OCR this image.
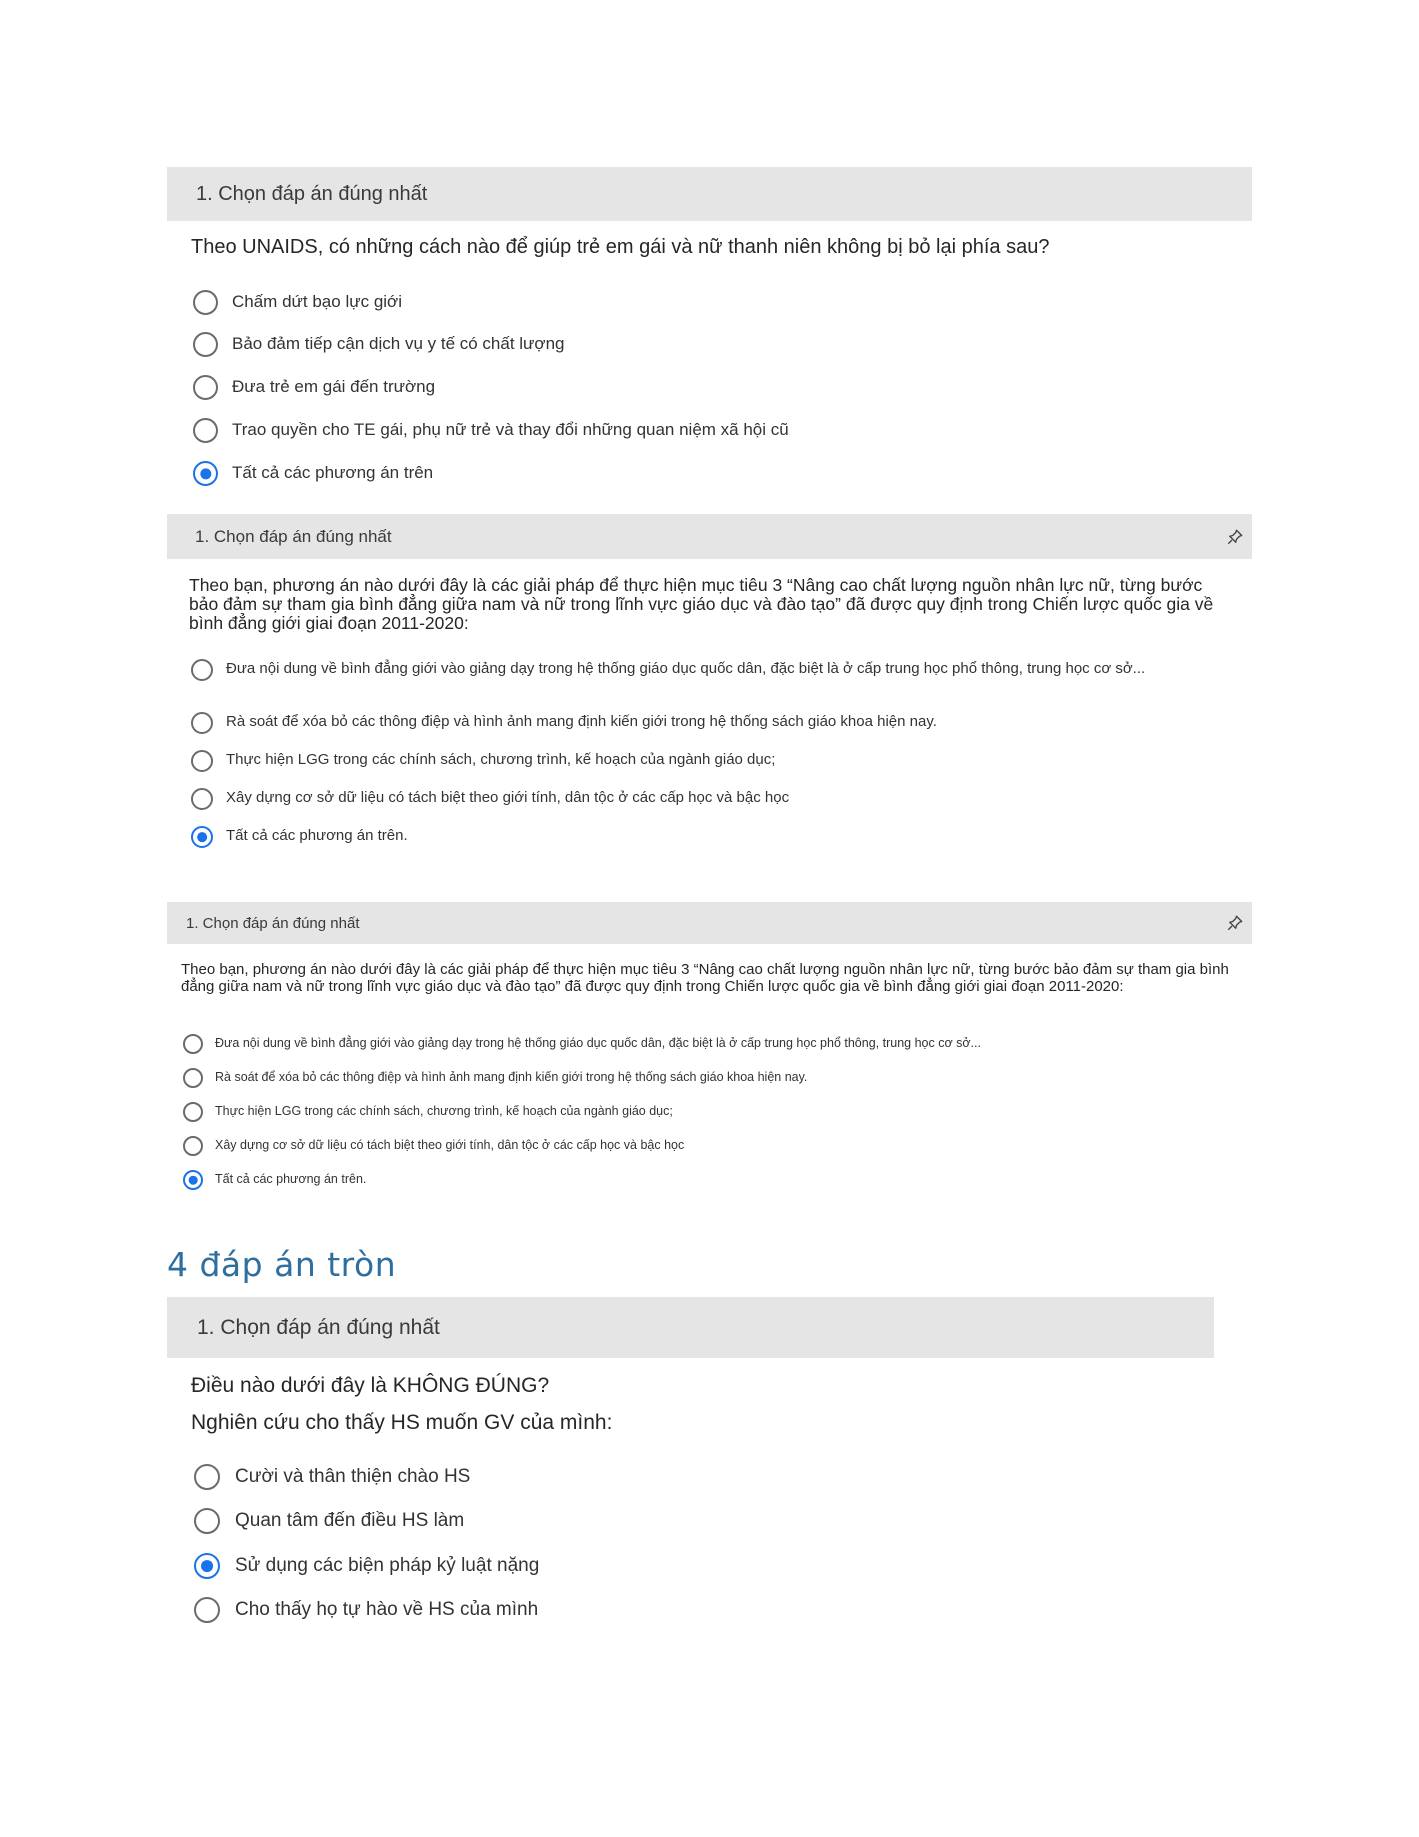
1. Chọn đáp án đúng nhất
Theo UNAIDS, có những cách nào để giúp trẻ em gái và nữ thanh niên không bị bỏ lại phía sau?
Chấm dứt bạo lực giới
Bảo đảm tiếp cận dịch vụ y tế có chất lượng
Đưa trẻ em gái đến trường
Trao quyền cho TE gái, phụ nữ trẻ và thay đổi những quan niệm xã hội cũ
Tất cả các phương án trên
1. Chọn đáp án đúng nhất
Theo bạn, phương án nào dưới đây là các giải pháp để thực hiện mục tiêu 3 “Nâng cao chất lượng nguồn nhân lực nữ, từng bước bảo đảm sự tham gia bình đẳng giữa nam và nữ trong lĩnh vực giáo dục và đào tạo” đã được quy định trong Chiến lược quốc gia về bình đẳng giới giai đoạn 2011-2020:
Đưa nội dung về bình đẳng giới vào giảng dạy trong hệ thống giáo dục quốc dân, đặc biệt là ở cấp trung học phổ thông, trung học cơ sở...
Rà soát để xóa bỏ các thông điệp và hình ảnh mang định kiến giới trong hệ thống sách giáo khoa hiện nay.
Thực hiện LGG trong các chính sách, chương trình, kế hoạch của ngành giáo dục;
Xây dựng cơ sở dữ liệu có tách biệt theo giới tính, dân tộc ở các cấp học và bậc học
Tất cả các phương án trên.
1. Chọn đáp án đúng nhất
Theo bạn, phương án nào dưới đây là các giải pháp để thực hiện mục tiêu 3 “Nâng cao chất lượng nguồn nhân lực nữ, từng bước bảo đảm sự tham gia bình đẳng giữa nam và nữ trong lĩnh vực giáo dục và đào tạo” đã được quy định trong Chiến lược quốc gia về bình đẳng giới giai đoạn 2011-2020:
Đưa nội dung về bình đẳng giới vào giảng dạy trong hệ thống giáo dục quốc dân, đặc biệt là ở cấp trung học phổ thông, trung học cơ sở...
Rà soát để xóa bỏ các thông điệp và hình ảnh mang định kiến giới trong hệ thống sách giáo khoa hiện nay.
Thực hiện LGG trong các chính sách, chương trình, kế hoạch của ngành giáo dục;
Xây dựng cơ sở dữ liệu có tách biệt theo giới tính, dân tộc ở các cấp học và bậc học
Tất cả các phương án trên.
4 đáp án tròn
1. Chọn đáp án đúng nhất
Điều nào dưới đây là KHÔNG ĐÚNG?
Nghiên cứu cho thấy HS muốn GV của mình:
Cười và thân thiện chào HS
Quan tâm đến điều HS làm
Sử dụng các biện pháp kỷ luật nặng
Cho thấy họ tự hào về HS của mình
